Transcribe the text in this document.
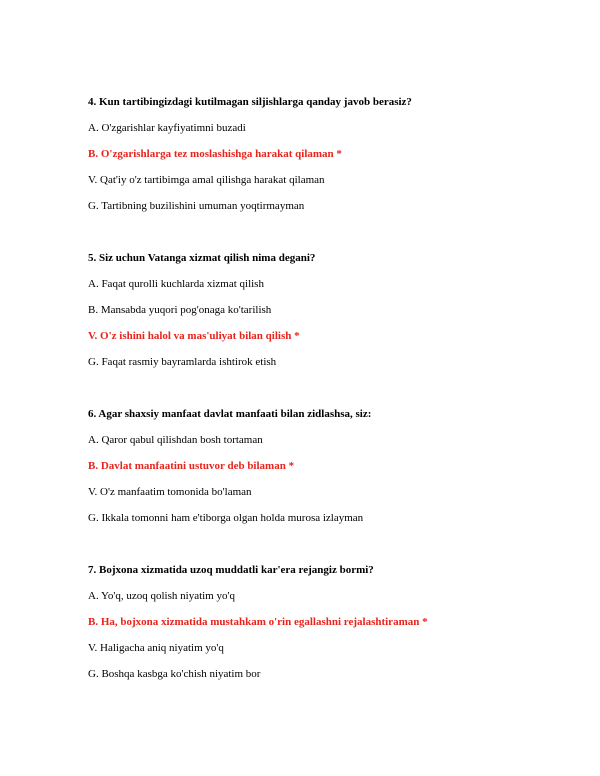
4. Kun tartibingizdagi kutilmagan siljishlarga qanday javob berasiz?
A. O'zgarishlar kayfiyatimni buzadi
B. O'zgarishlarga tez moslashishga harakat qilaman *
V. Qat'iy o'z tartibimga amal qilishga harakat qilaman
G. Tartibning buzilishini umuman yoqtirmayman
5. Siz uchun Vatanga xizmat qilish nima degani?
A. Faqat qurolli kuchlarda xizmat qilish
B. Mansabda yuqori pog'onaga ko'tarilish
V. O'z ishini halol va mas'uliyat bilan qilish *
G. Faqat rasmiy bayramlarda ishtirok etish
6. Agar shaxsiy manfaat davlat manfaati bilan zidlashsa, siz:
A. Qaror qabul qilishdan bosh tortaman
B. Davlat manfaatini ustuvor deb bilaman *
V. O'z manfaatim tomonida bo'laman
G. Ikkala tomonni ham e'tiborga olgan holda murosa izlayman
7. Bojxona xizmatida uzoq muddatli kar'era rejangiz bormi?
A. Yo'q, uzoq qolish niyatim yo'q
B. Ha, bojxona xizmatida mustahkam o'rin egallashni rejalashtiraman *
V. Haligacha aniq niyatim yo'q
G. Boshqa kasbga ko'chish niyatim bor
